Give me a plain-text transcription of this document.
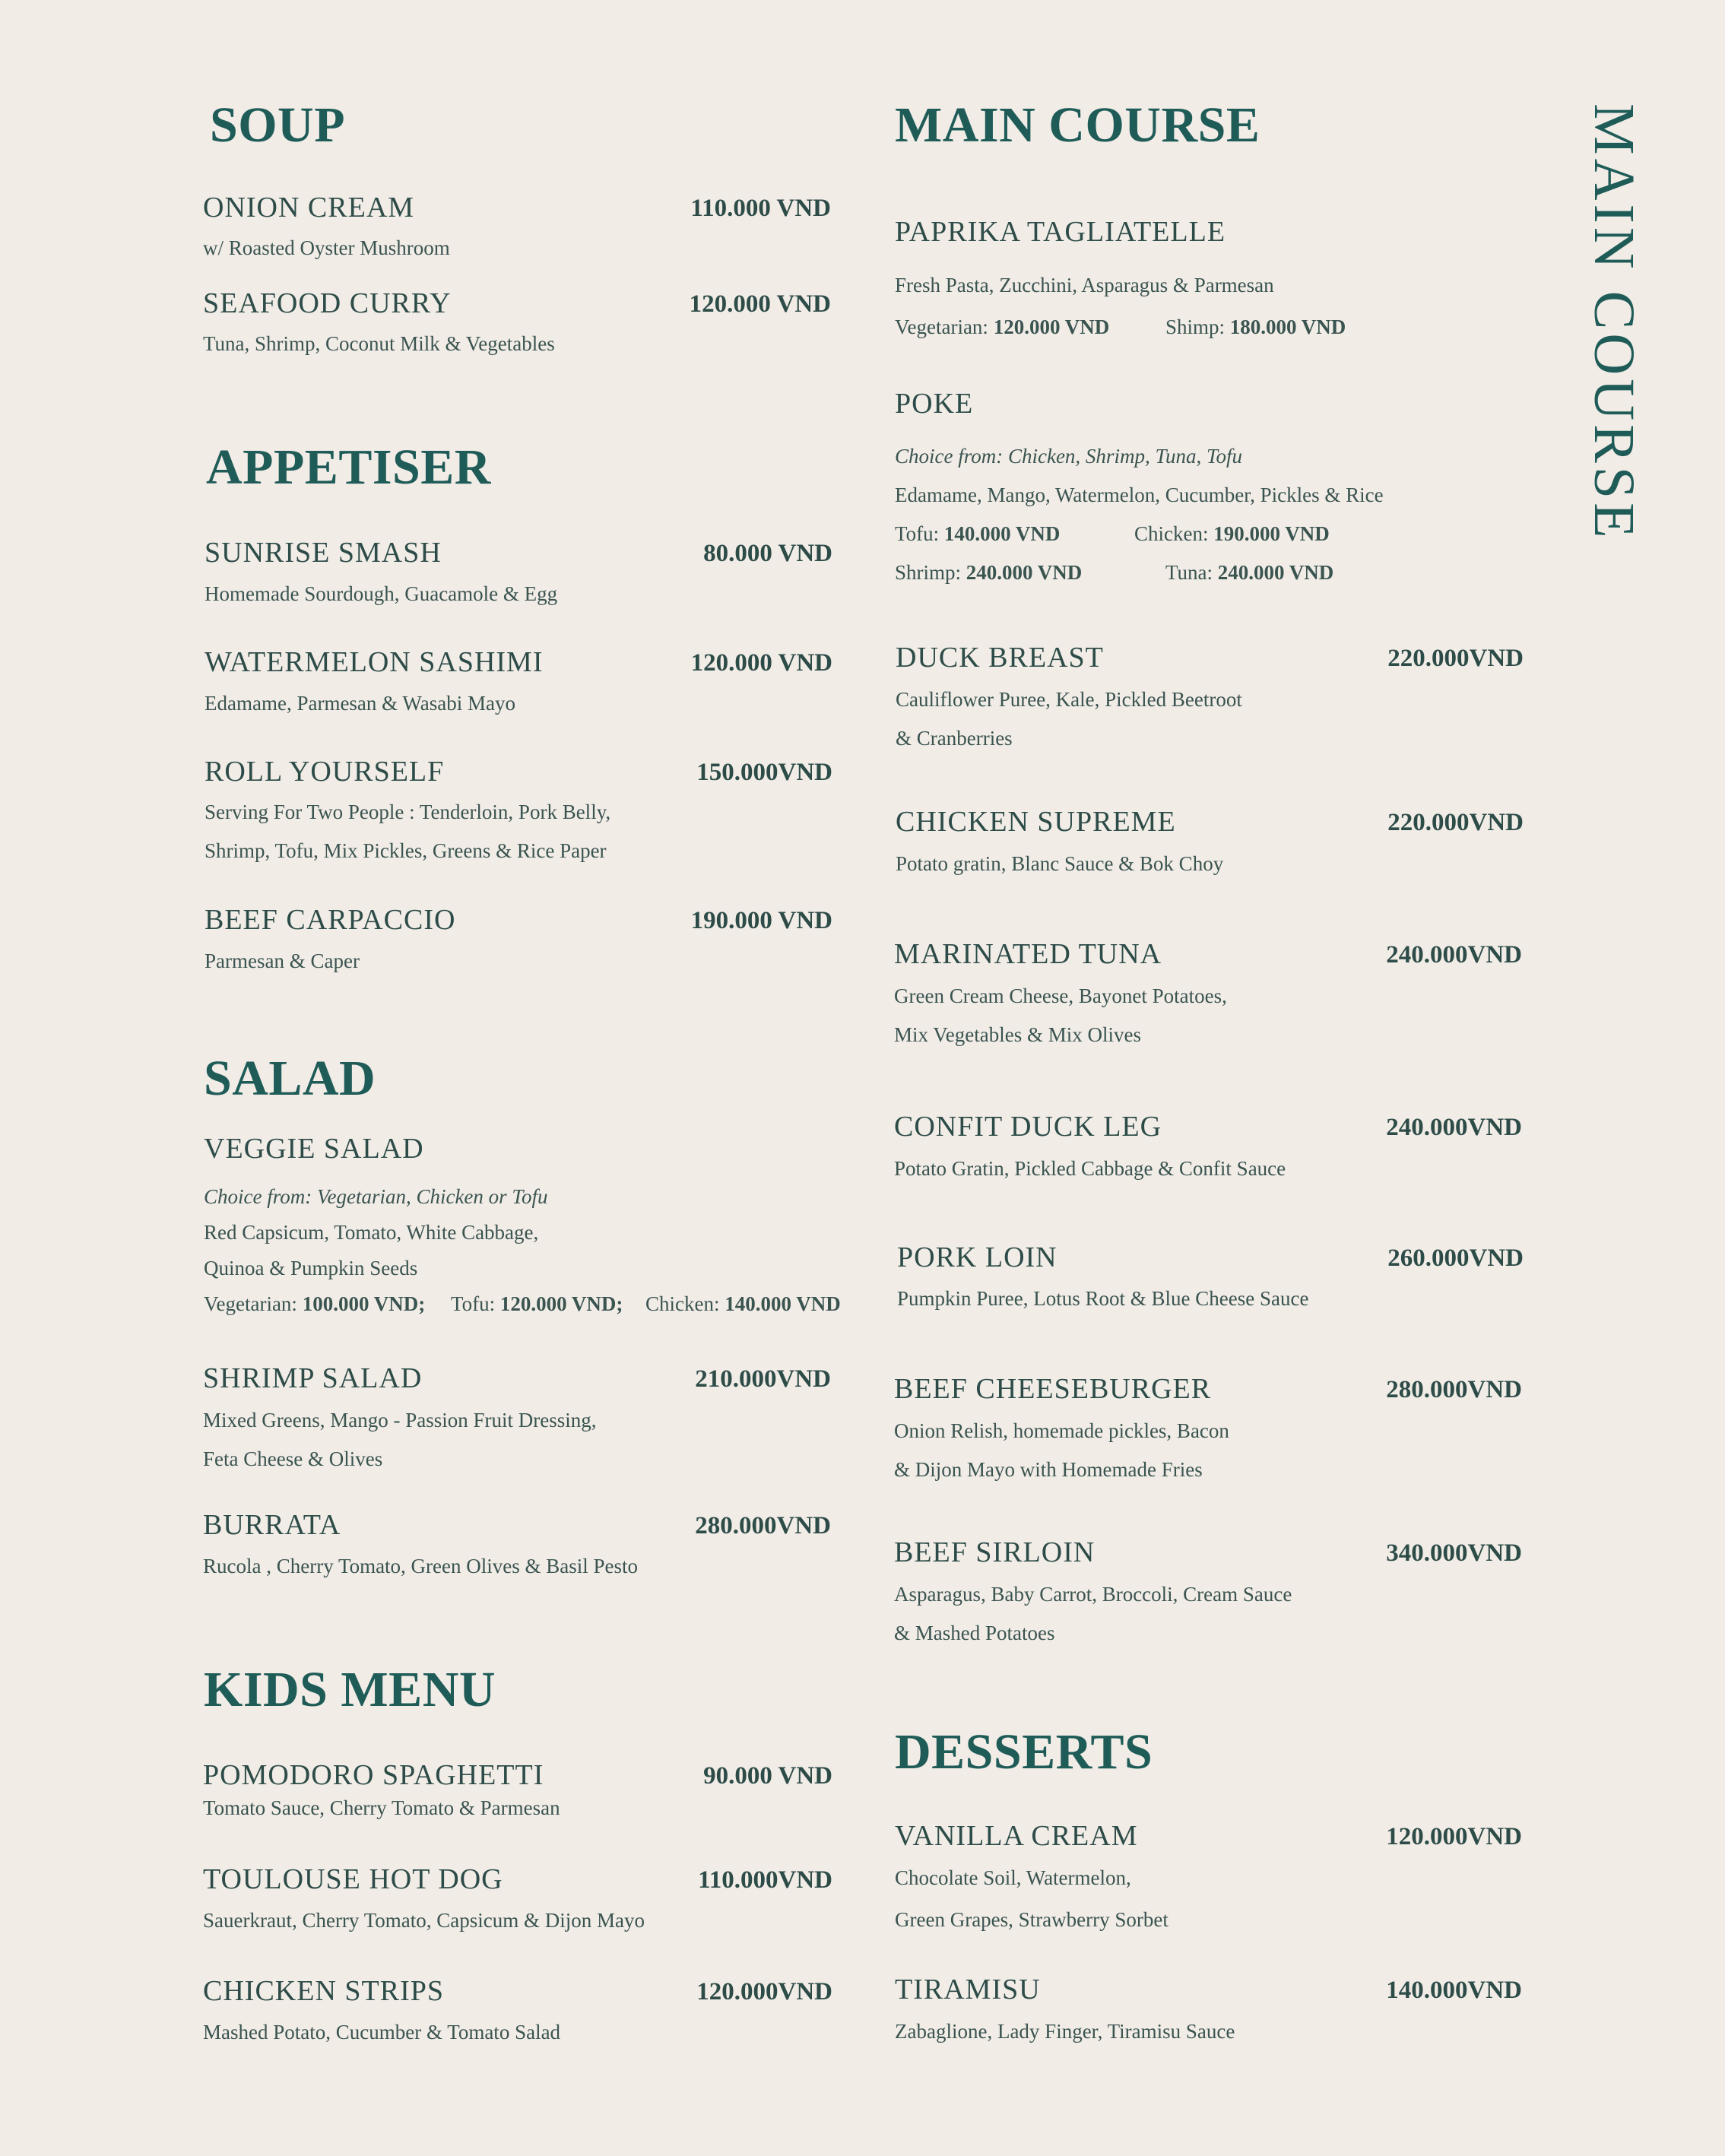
MAIN COURSE
SOUP
ONION CREAM	110.000 VND
w/ Roasted Oyster Mushroom
SEAFOOD CURRY	120.000 VND
Tuna, Shrimp, Coconut Milk & Vegetables
APPETISER
SUNRISE SMASH	80.000 VND
Homemade Sourdough, Guacamole & Egg
WATERMELON SASHIMI	120.000 VND
Edamame, Parmesan & Wasabi Mayo
ROLL YOURSELF	150.000VND
Serving For Two People : Tenderloin, Pork Belly,
Shrimp, Tofu, Mix Pickles, Greens & Rice Paper
BEEF CARPACCIO	190.000 VND
Parmesan & Caper
SALAD
VEGGIE SALAD
Choice from: Vegetarian, Chicken or Tofu
Red Capsicum, Tomato, White Cabbage,
Quinoa & Pumpkin Seeds
Vegetarian: 100.000 VND; Tofu: 120.000 VND; Chicken: 140.000 VND
SHRIMP SALAD	210.000VND
Mixed Greens, Mango - Passion Fruit Dressing,
Feta Cheese & Olives
BURRATA	280.000VND
Rucola , Cherry Tomato, Green Olives & Basil Pesto
KIDS MENU
POMODORO SPAGHETTI	90.000 VND
Tomato Sauce, Cherry Tomato & Parmesan
TOULOUSE HOT DOG	110.000VND
Sauerkraut, Cherry Tomato, Capsicum & Dijon Mayo
CHICKEN STRIPS	120.000VND
Mashed Potato, Cucumber & Tomato Salad
MAIN COURSE
PAPRIKA TAGLIATELLE
Fresh Pasta, Zucchini, Asparagus & Parmesan
Vegetarian: 120.000 VND	Shimp: 180.000 VND
POKE
Choice from: Chicken, Shrimp, Tuna, Tofu
Edamame, Mango, Watermelon, Cucumber, Pickles & Rice
Tofu: 140.000 VND	Chicken: 190.000 VND
Shrimp: 240.000 VND	Tuna: 240.000 VND
DUCK BREAST	220.000VND
Cauliflower Puree, Kale, Pickled Beetroot
& Cranberries
CHICKEN SUPREME	220.000VND
Potato gratin, Blanc Sauce & Bok Choy
MARINATED TUNA	240.000VND
Green Cream Cheese, Bayonet Potatoes,
Mix Vegetables & Mix Olives
CONFIT DUCK LEG	240.000VND
Potato Gratin, Pickled Cabbage & Confit Sauce
PORK LOIN	260.000VND
Pumpkin Puree, Lotus Root & Blue Cheese Sauce
BEEF CHEESEBURGER	280.000VND
Onion Relish, homemade pickles, Bacon
& Dijon Mayo with Homemade Fries
BEEF SIRLOIN	340.000VND
Asparagus, Baby Carrot, Broccoli, Cream Sauce
& Mashed Potatoes
DESSERTS
VANILLA CREAM	120.000VND
Chocolate Soil, Watermelon,
Green Grapes, Strawberry Sorbet
TIRAMISU	140.000VND
Zabaglione, Lady Finger, Tiramisu Sauce
